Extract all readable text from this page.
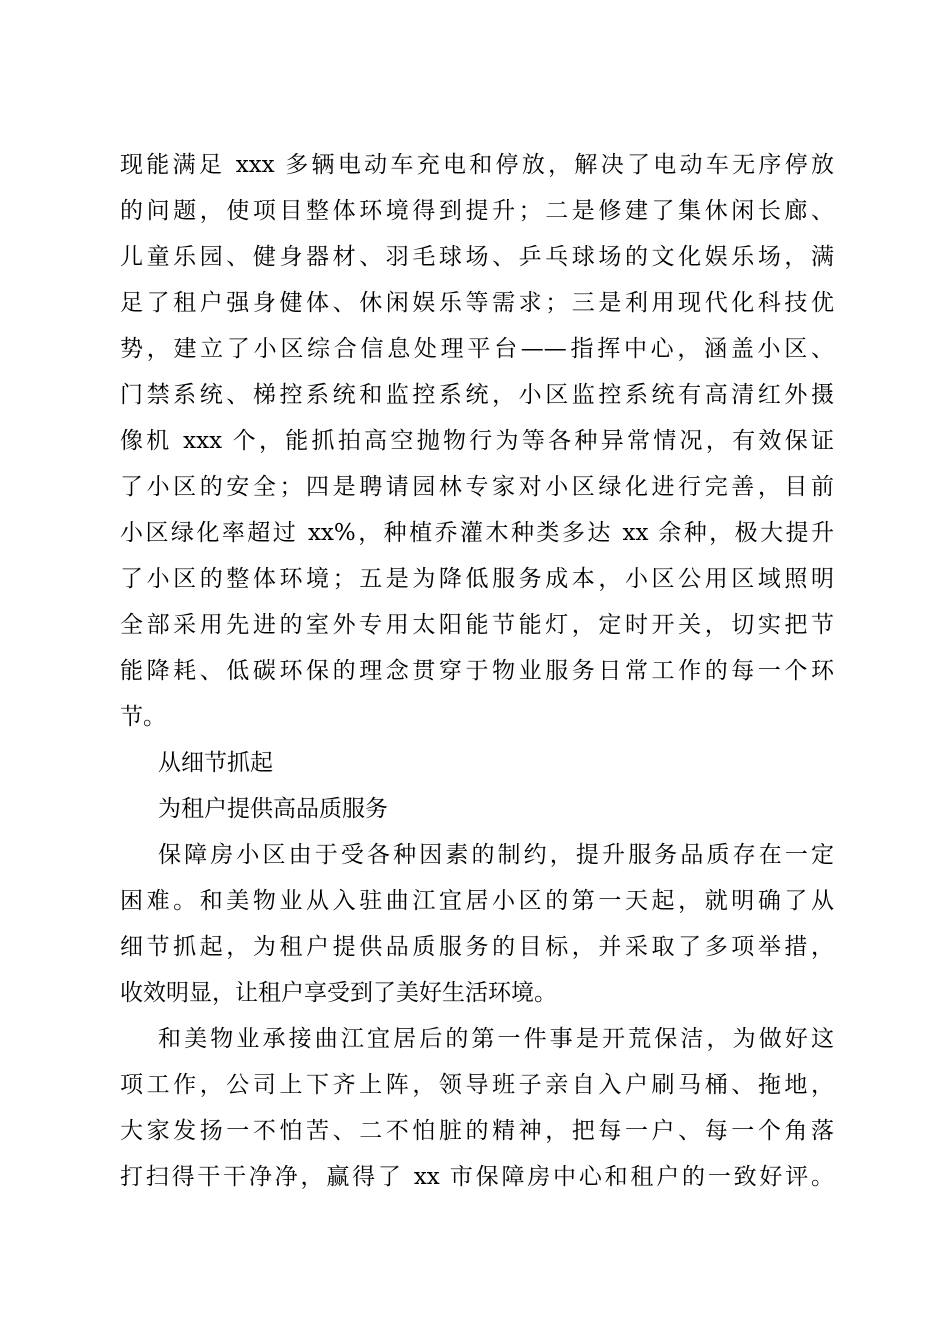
现能满足 xxx 多辆电动车充电和停放，解决了电动车无序停放
的问题，使项目整体环境得到提升；二是修建了集休闲长廊、
儿童乐园、健身器材、羽毛球场、乒乓球场的文化娱乐场，满
足了租户强身健体、休闲娱乐等需求；三是利用现代化科技优
势，建立了小区综合信息处理平台——指挥中心，涵盖小区、
门禁系统、梯控系统和监控系统，小区监控系统有高清红外摄
像机 xxx 个，能抓拍高空抛物行为等各种异常情况，有效保证
了小区的安全；四是聘请园林专家对小区绿化进行完善，目前
小区绿化率超过 xx%，种植乔灌木种类多达 xx 余种，极大提升
了小区的整体环境；五是为降低服务成本，小区公用区域照明
全部采用先进的室外专用太阳能节能灯，定时开关，切实把节
能降耗、低碳环保的理念贯穿于物业服务日常工作的每一个环
节。
从细节抓起
为租户提供高品质服务
保障房小区由于受各种因素的制约，提升服务品质存在一定
困难。和美物业从入驻曲江宜居小区的第一天起，就明确了从
细节抓起，为租户提供品质服务的目标，并采取了多项举措，
收效明显，让租户享受到了美好生活环境。
和美物业承接曲江宜居后的第一件事是开荒保洁，为做好这
项工作，公司上下齐上阵，领导班子亲自入户刷马桶、拖地，
大家发扬一不怕苦、二不怕脏的精神，把每一户、每一个角落
打扫得干干净净，赢得了 xx 市保障房中心和租户的一致好评。
